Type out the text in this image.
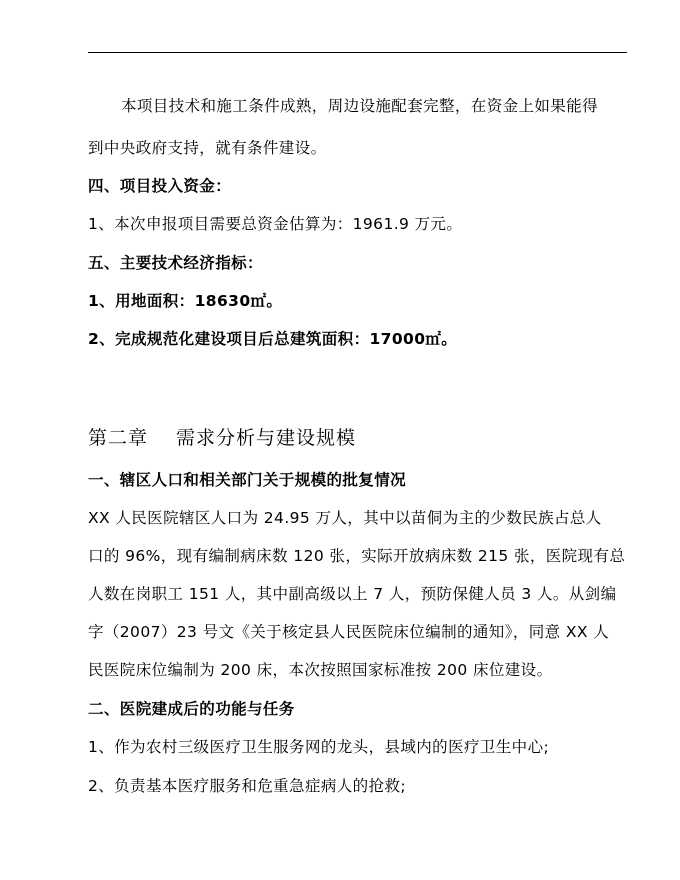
本项目技术和施工条件成熟，周边设施配套完整，在资金上如果能得
到中央政府支持，就有条件建设。
四、项目投入资金：
1、本次申报项目需要总资金估算为：1961.9 万元。
五、主要技术经济指标：
1、用地面积：18630㎡。
2、完成规范化建设项目后总建筑面积：17000㎡。
第二章 需求分析与建设规模
一、辖区人口和相关部门关于规模的批复情况
XX 人民医院辖区人口为 24.95 万人，其中以苗侗为主的少数民族占总人
口的 96%，现有编制病床数 120 张，实际开放病床数 215 张，医院现有总
人数在岗职工 151 人，其中副高级以上 7 人，预防保健人员 3 人。从剑编
字（2007）23 号文《关于核定县人民医院床位编制的通知》，同意 XX 人
民医院床位编制为 200 床，本次按照国家标准按 200 床位建设。
二、医院建成后的功能与任务
1、作为农村三级医疗卫生服务网的龙头，县域内的医疗卫生中心;
2、负责基本医疗服务和危重急症病人的抢救;
